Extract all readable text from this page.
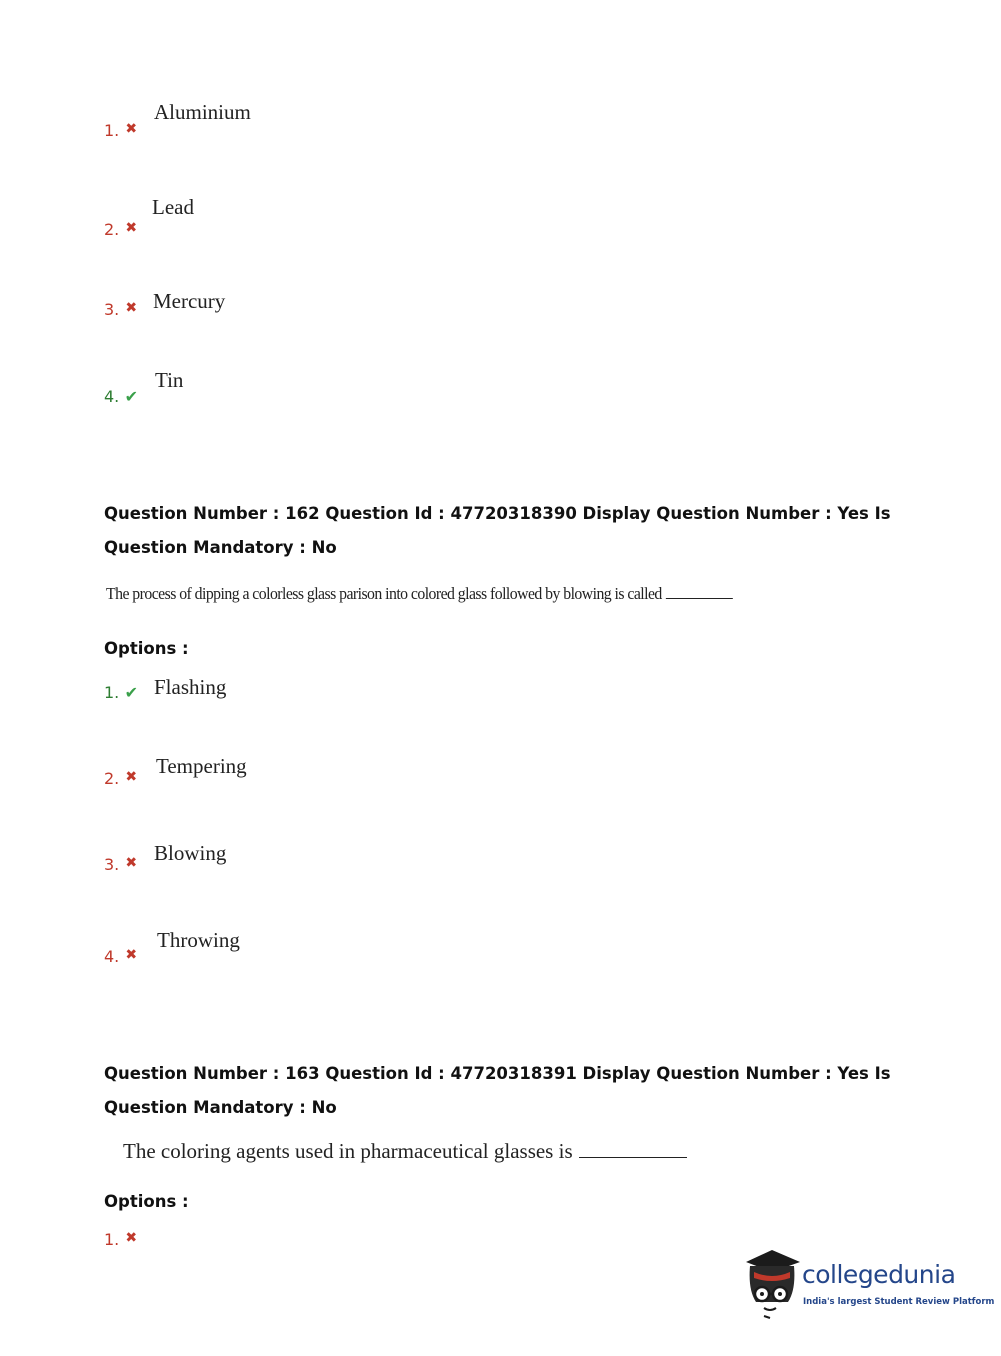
1. ✖
Aluminium
2. ✖
Lead
3. ✖ Mercury
4. ✔
Tin
Question Number : 162 Question Id : 47720318390 Display Question Number : Yes Is Question Mandatory : No
The process of dipping a colorless glass parison into colored glass followed by blowing is called
Options :
1. ✔ Flashing
2. ✖ Tempering
3. ✖ Blowing
4. ✖
Throwing
Question Number : 163 Question Id : 47720318391 Display Question Number : Yes Is Question Mandatory : No
The coloring agents used in pharmaceutical glasses is
Options :
1. ✖
collegedunia
India's largest Student Review Platform
